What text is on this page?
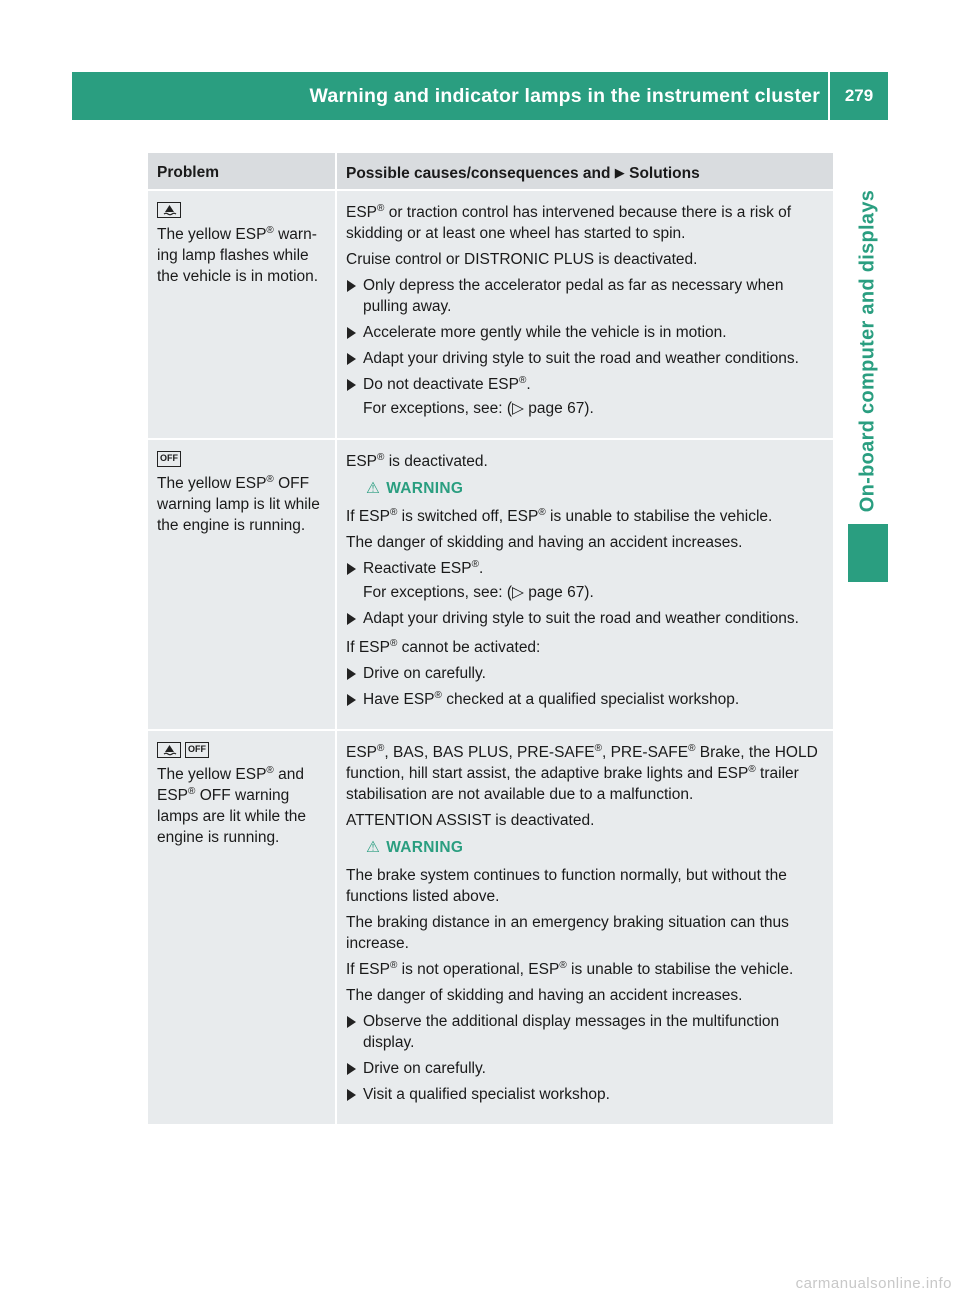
Warning and indicator lamps in the instrument cluster	279
On-board computer and displays
Problem	Possible causes/consequences and ▶ Solutions
The yellow ESP® warn-
ing lamp flashes while
the vehicle is in motion.
ESP® or traction control has intervened because there is a risk of skidding or at least one wheel has started to spin.
Cruise control or DISTRONIC PLUS is deactivated.
Only depress the accelerator pedal as far as necessary when pulling away.
Accelerate more gently while the vehicle is in motion.
Adapt your driving style to suit the road and weather conditions.
Do not deactivate ESP®.
For exceptions, see: (▷ page 67).
OFF
The yellow ESP® OFF
warning lamp is lit while
the engine is running.
ESP® is deactivated.
⚠ WARNING
If ESP® is switched off, ESP® is unable to stabilise the vehicle.
The danger of skidding and having an accident increases.
Reactivate ESP®.
For exceptions, see: (▷ page 67).
Adapt your driving style to suit the road and weather conditions.
If ESP® cannot be activated:
Drive on carefully.
Have ESP® checked at a qualified specialist workshop.
OFF
The yellow ESP® and
ESP® OFF warning
lamps are lit while the
engine is running.
ESP®, BAS, BAS PLUS, PRE-SAFE®, PRE-SAFE® Brake, the HOLD function, hill start assist, the adaptive brake lights and ESP® trailer stabilisation are not available due to a malfunction.
ATTENTION ASSIST is deactivated.
⚠ WARNING
The brake system continues to function normally, but without the functions listed above.
The braking distance in an emergency braking situation can thus increase.
If ESP® is not operational, ESP® is unable to stabilise the vehicle.
The danger of skidding and having an accident increases.
Observe the additional display messages in the multifunction display.
Drive on carefully.
Visit a qualified specialist workshop.
carmanualsonline.info
